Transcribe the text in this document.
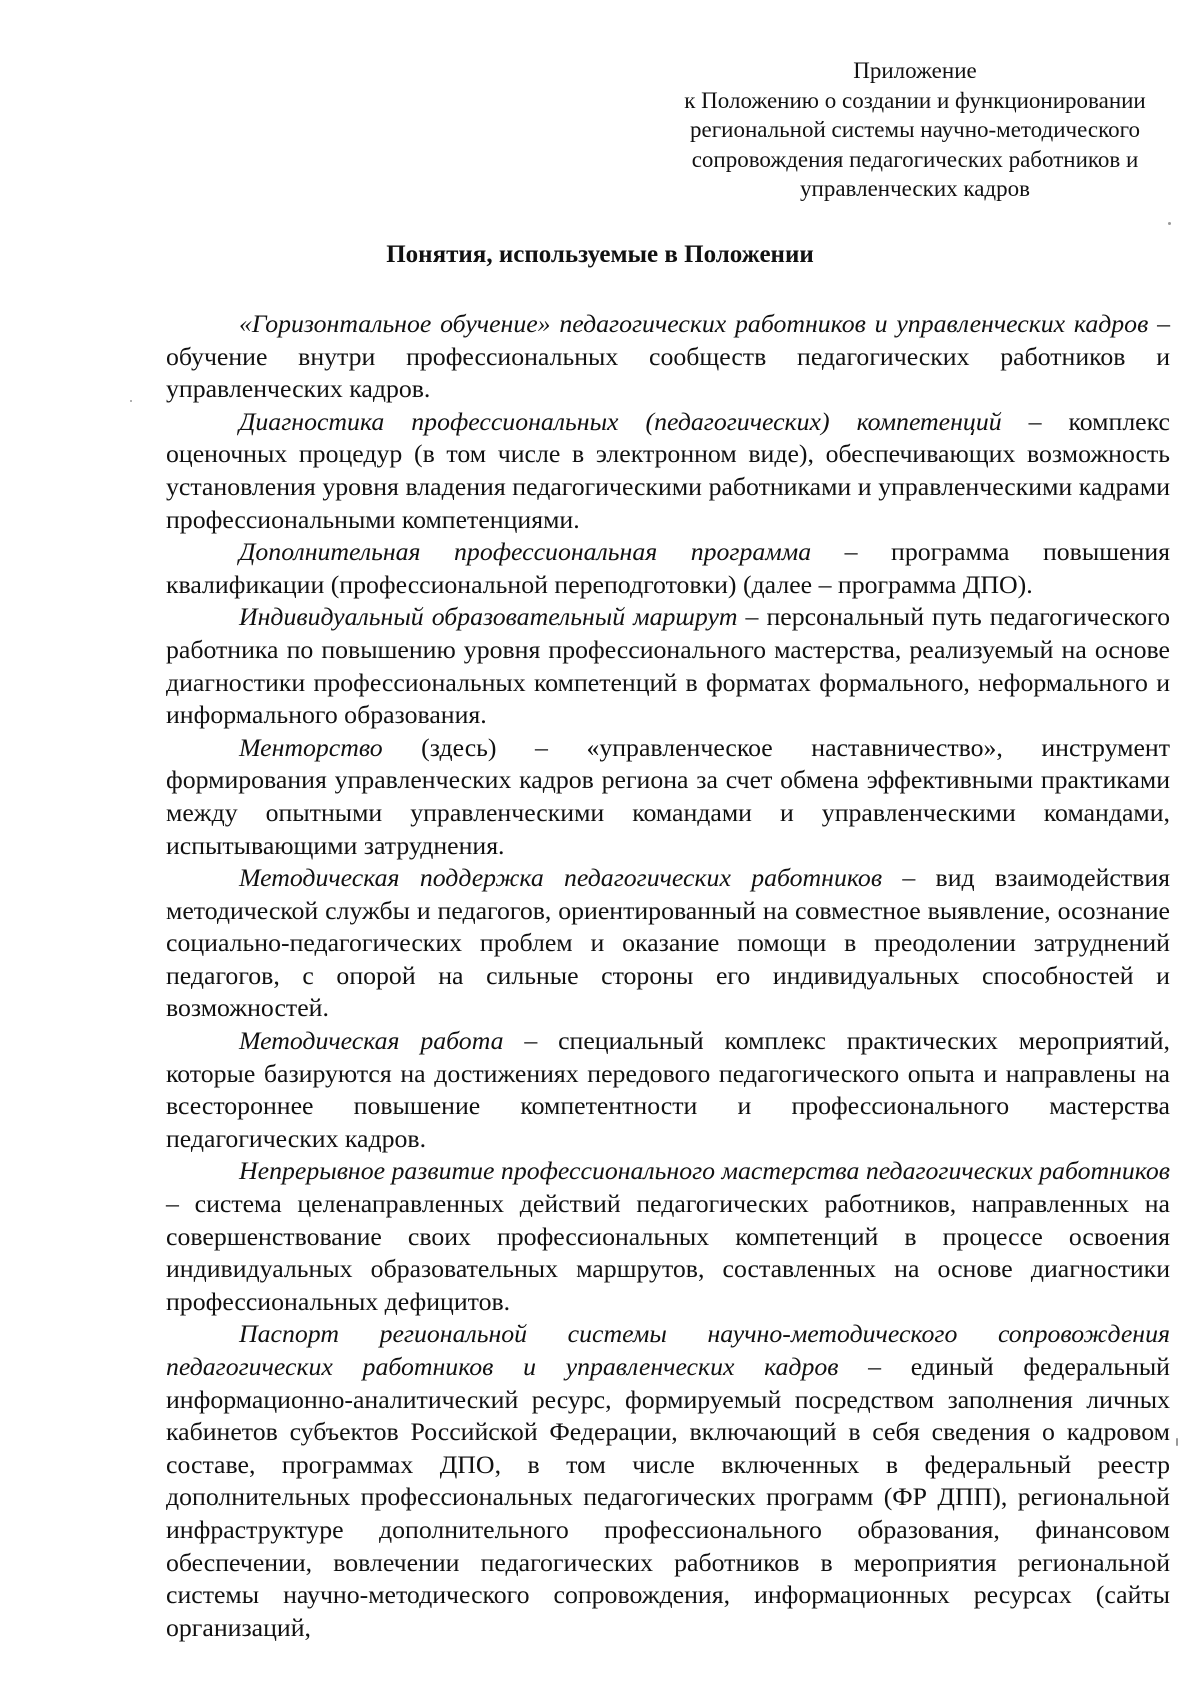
Приложение
к Положению о создании и функционировании
региональной системы научно-методического
сопровождения педагогических работников и
управленческих кадров
Понятия, используемые в Положении

«Горизонтальное обучение» педагогических работников и управленческих кадров – обучение внутри профессиональных сообществ педагогических работников и управленческих кадров.

Диагностика профессиональных (педагогических) компетенций – комплекс оценочных процедур (в том числе в электронном виде), обеспечивающих возможность установления уровня владения педагогическими работниками и управленческими кадрами профессиональными компетенциями.

Дополнительная профессиональная программа – программа повышения квалификации (профессиональной переподготовки) (далее – программа ДПО).

Индивидуальный образовательный маршрут – персональный путь педагогического работника по повышению уровня профессионального мастерства, реализуемый на основе диагностики профессиональных компетенций в форматах формального, неформального и информального образования.

Менторство (здесь) – «управленческое наставничество», инструмент формирования управленческих кадров региона за счет обмена эффективными практиками между опытными управленческими командами и управленческими командами, испытывающими затруднения.

Методическая поддержка педагогических работников – вид взаимодействия методической службы и педагогов, ориентированный на совместное выявление, осознание социально-педагогических проблем и оказание помощи в преодолении затруднений педагогов, с опорой на сильные стороны его индивидуальных способностей и возможностей.

Методическая работа – специальный комплекс практических мероприятий, которые базируются на достижениях передового педагогического опыта и направлены на всестороннее повышение компетентности и профессионального мастерства педагогических кадров.

Непрерывное развитие профессионального мастерства педагогических работников – система целенаправленных действий педагогических работников, направленных на совершенствование своих профессиональных компетенций в процессе освоения индивидуальных образовательных маршрутов, составленных на основе диагностики профессиональных дефицитов.

Паспорт региональной системы научно-методического сопровождения педагогических работников и управленческих кадров – единый федеральный информационно-аналитический ресурс, формируемый посредством заполнения личных кабинетов субъектов Российской Федерации, включающий в себя сведения о кадровом составе, программах ДПО, в том числе включенных в федеральный реестр дополнительных профессиональных педагогических программ (ФР ДПП), региональной инфраструктуре дополнительного профессионального образования, финансовом обеспечении, вовлечении педагогических работников в мероприятия региональной системы научно-методического сопровождения, информационных ресурсах (сайты организаций,
